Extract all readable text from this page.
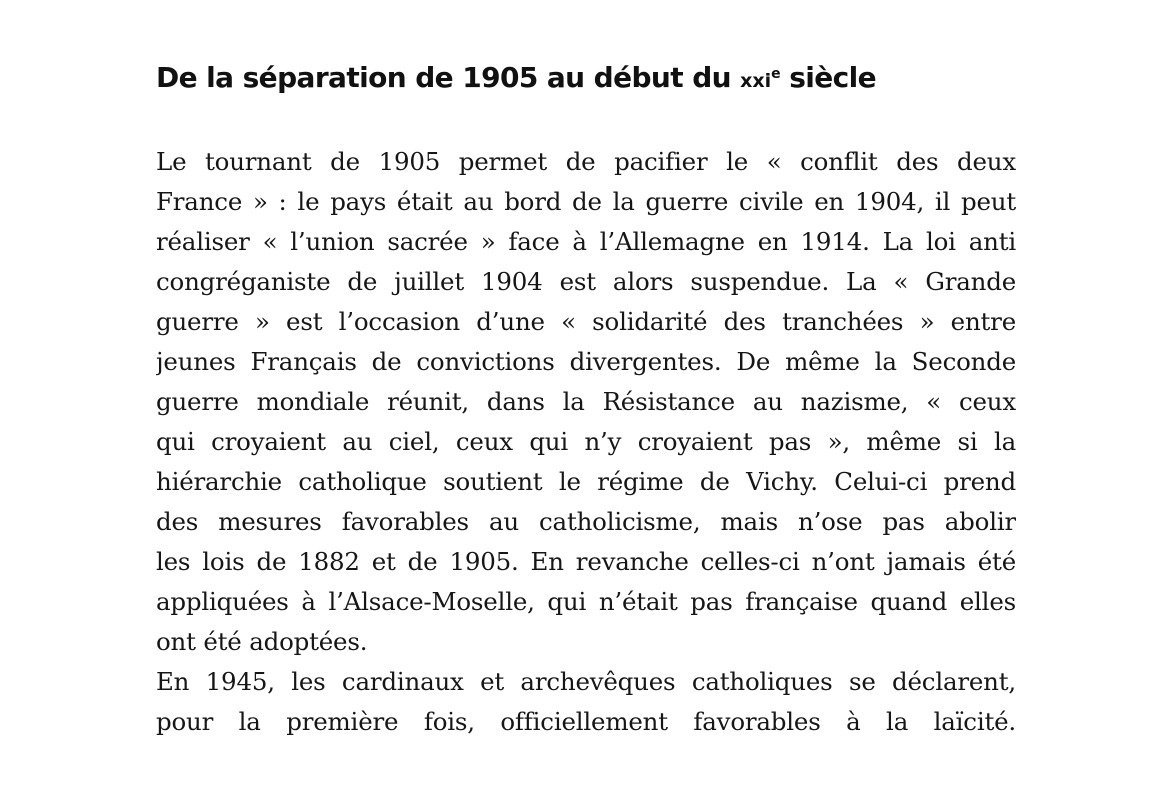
De la séparation de 1905 au début du xxi$^e$ siècle
Le tournant de 1905 permet de pacifier le « conflit des deux
France » : le pays était au bord de la guerre civile en 1904, il peut
réaliser « l’union sacrée » face à l’Allemagne en 1914. La loi anti
congréganiste de juillet 1904 est alors suspendue. La « Grande
guerre » est l’occasion d’une « solidarité des tranchées » entre
jeunes Français de convictions divergentes. De même la Seconde
guerre mondiale réunit, dans la Résistance au nazisme, « ceux
qui croyaient au ciel, ceux qui n’y croyaient pas », même si la
hiérarchie catholique soutient le régime de Vichy. Celui-ci prend
des mesures favorables au catholicisme, mais n’ose pas abolir
les lois de 1882 et de 1905. En revanche celles-ci n’ont jamais été
appliquées à l’Alsace-Moselle, qui n’était pas française quand elles
ont été adoptées.
En 1945, les cardinaux et archevêques catholiques se déclarent,
pour la première fois, officiellement favorables à la laïcité.
